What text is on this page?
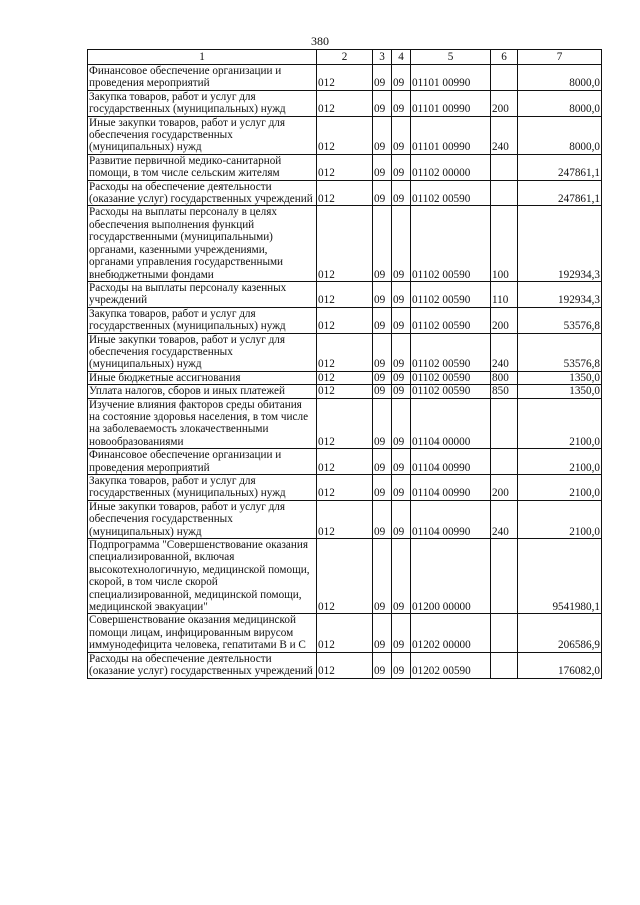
380
1	2	3	4	5	6	7
Финансовое обеспечение организации и проведения мероприятий	012	09	09	01101 00990		8000,0
Закупка товаров, работ и услуг для государственных (муниципальных) нужд	012	09	09	01101 00990	200	8000,0
Иные закупки товаров, работ и услуг для обеспечения государственных (муниципальных) нужд	012	09	09	01101 00990	240	8000,0
Развитие первичной медико-санитарной помощи, в том числе сельским жителям	012	09	09	01102 00000		247861,1
Расходы на обеспечение деятельности (оказание услуг) государственных учреждений	012	09	09	01102 00590		247861,1
Расходы на выплаты персоналу в целях обеспечения выполнения функций государственными (муниципальными) органами, казенными учреждениями, органами управления государственными внебюджетными фондами	012	09	09	01102 00590	100	192934,3
Расходы на выплаты персоналу казенных учреждений	012	09	09	01102 00590	110	192934,3
Закупка товаров, работ и услуг для государственных (муниципальных) нужд	012	09	09	01102 00590	200	53576,8
Иные закупки товаров, работ и услуг для обеспечения государственных (муниципальных) нужд	012	09	09	01102 00590	240	53576,8
Иные бюджетные ассигнования	012	09	09	01102 00590	800	1350,0
Уплата налогов, сборов и иных платежей	012	09	09	01102 00590	850	1350,0
Изучение влияния факторов среды обитания на состояние здоровья населения, в том числе на заболеваемость злокачественными новообразованиями	012	09	09	01104 00000		2100,0
Финансовое обеспечение организации и проведения мероприятий	012	09	09	01104 00990		2100,0
Закупка товаров, работ и услуг для государственных (муниципальных) нужд	012	09	09	01104 00990	200	2100,0
Иные закупки товаров, работ и услуг для обеспечения государственных (муниципальных) нужд	012	09	09	01104 00990	240	2100,0
Подпрограмма "Совершенствование оказания специализированной, включая высокотехнологичную, медицинской помощи, скорой, в том числе скорой специализированной, медицинской помощи, медицинской эвакуации"	012	09	09	01200 00000		9541980,1
Совершенствование оказания медицинской помощи лицам, инфицированным вирусом иммунодефицита человека, гепатитами В и С	012	09	09	01202 00000		206586,9
Расходы на обеспечение деятельности (оказание услуг) государственных учреждений	012	09	09	01202 00590		176082,0
